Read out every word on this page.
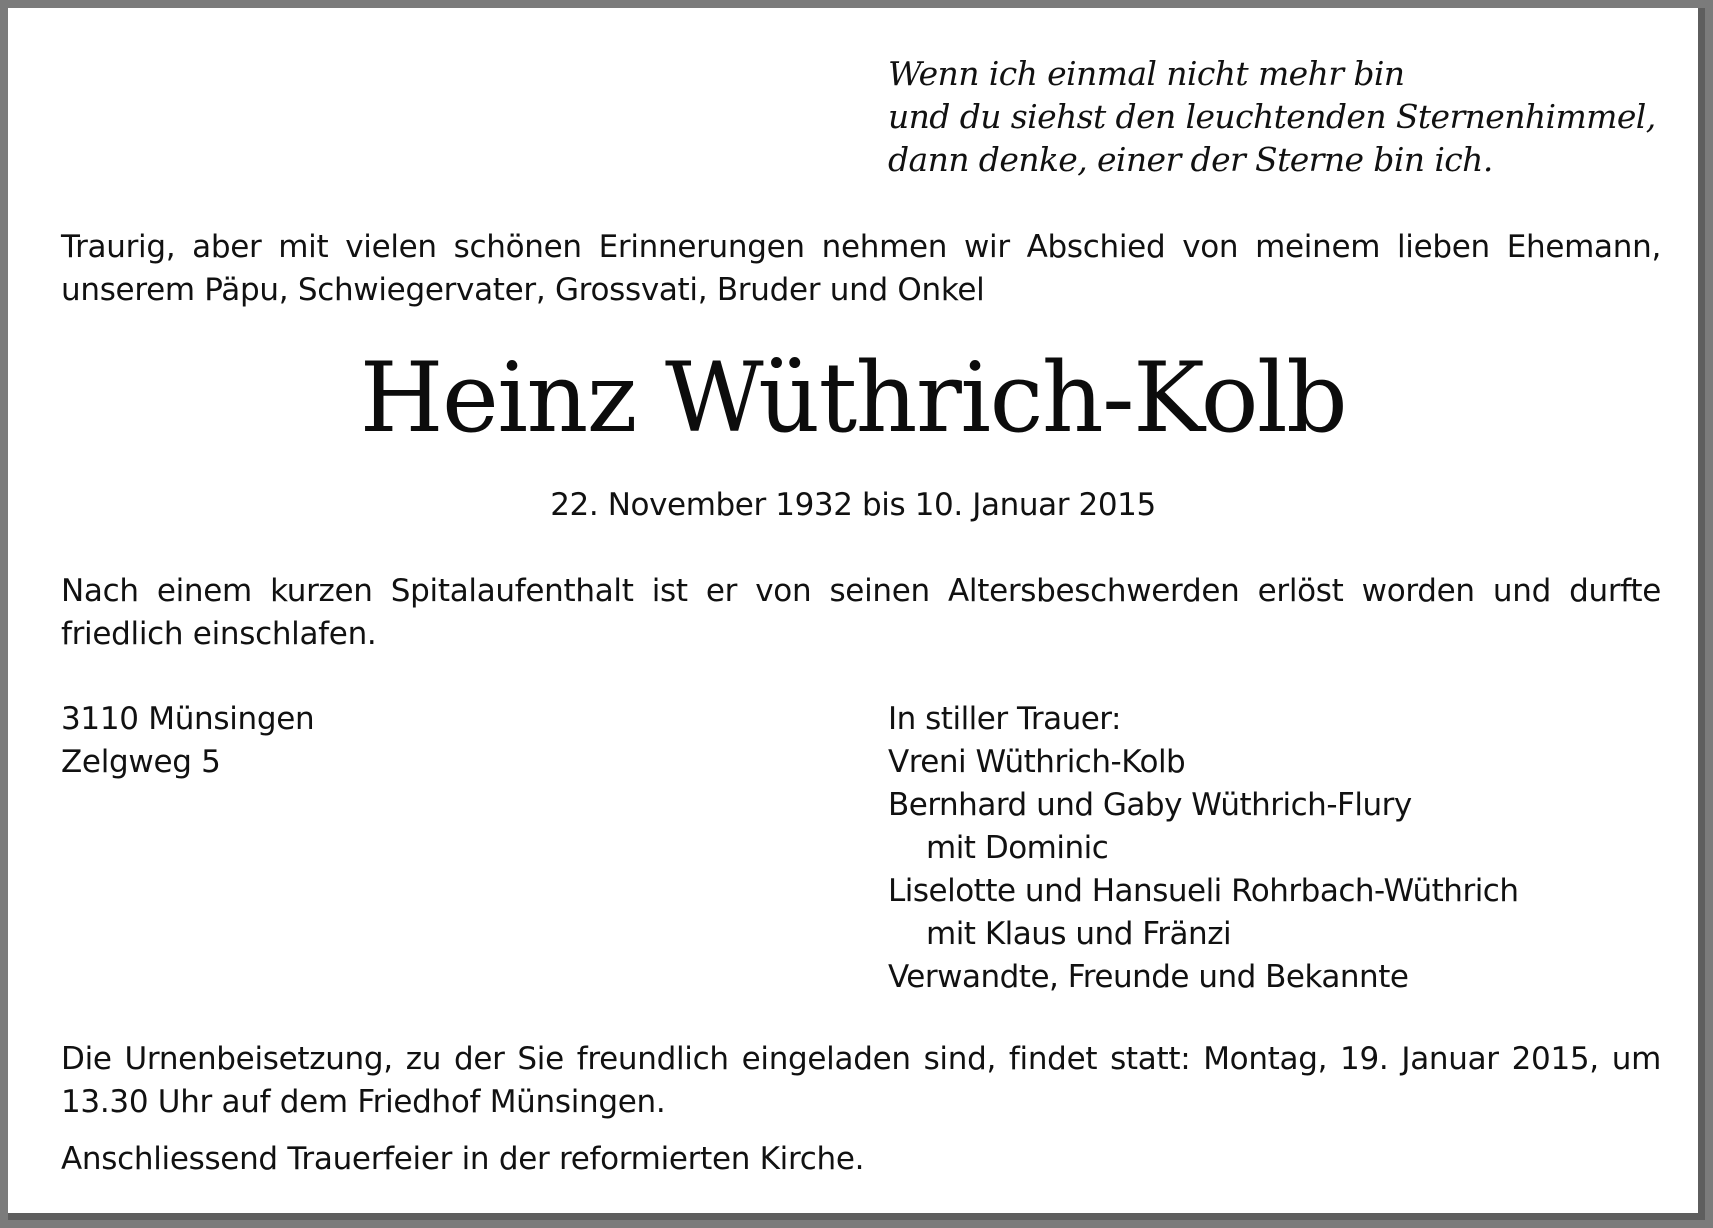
Wenn ich einmal nicht mehr bin
und du siehst den leuchtenden Sternenhimmel,
dann denke, einer der Sterne bin ich.
Traurig, aber mit vielen schönen Erinnerungen nehmen wir Abschied von meinem lieben Ehemann, unserem Päpu, Schwiegervater, Grossvati, Bruder und Onkel
Heinz Wüthrich-Kolb
22. November 1932 bis 10. Januar 2015
Nach einem kurzen Spitalaufenthalt ist er von seinen Altersbeschwerden erlöst worden und durfte friedlich einschlafen.
3110 Münsingen
Zelgweg 5
In stiller Trauer:
Vreni Wüthrich-Kolb
Bernhard und Gaby Wüthrich-Flury
mit Dominic
Liselotte und Hansueli Rohrbach-Wüthrich
mit Klaus und Fränzi
Verwandte, Freunde und Bekannte
Die Urnenbeisetzung, zu der Sie freundlich eingeladen sind, findet statt: Montag, 19. Januar 2015, um 13.30 Uhr auf dem Friedhof Münsingen.
Anschliessend Trauerfeier in der reformierten Kirche.
